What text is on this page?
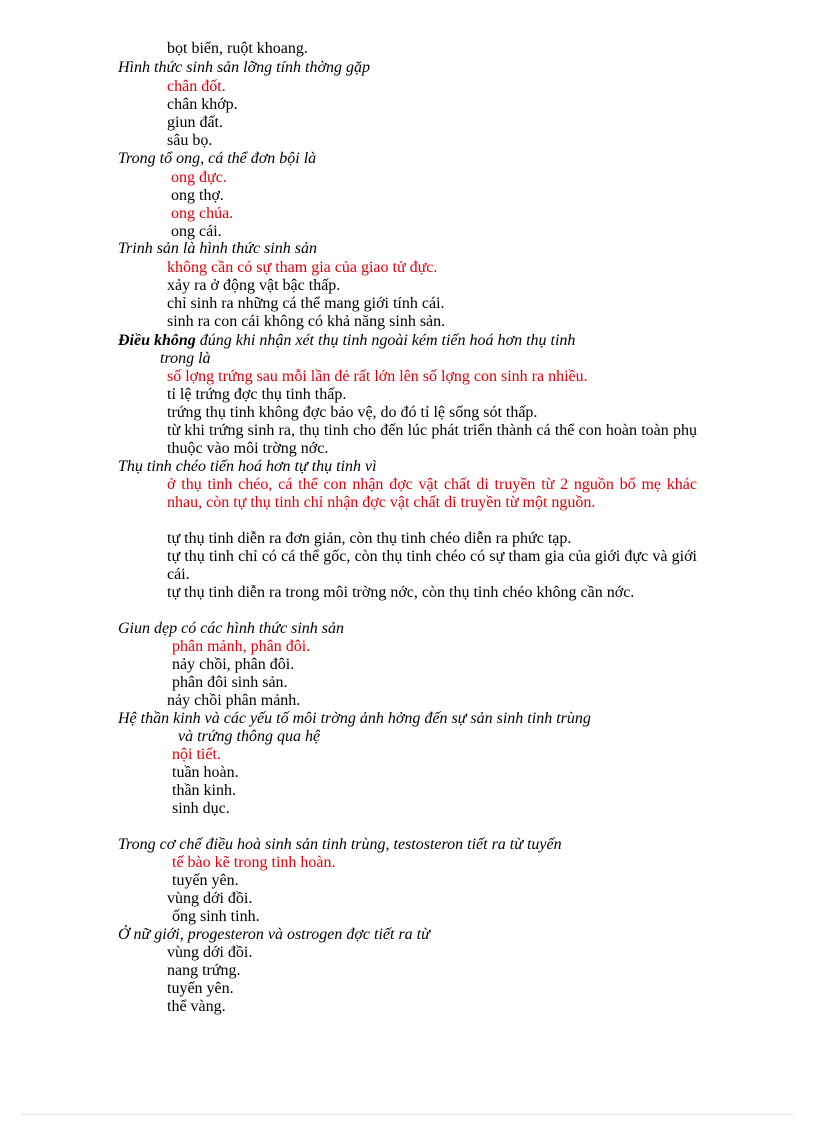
bọt biển, ruột khoang.
Hình thức sinh sản lỡng tính thờng gặp
chân đốt.
chân khớp.
giun đất.
sâu bọ.
Trong tổ ong, cá thể đơn bội là
ong đực.
ong thợ.
ong chúa.
ong cái.
Trinh sản là hình thức sinh sản
không cần có sự tham gia của giao tử đực.
xảy ra ở động vật bậc thấp.
chỉ sinh ra những cá thể mang giới tính cái.
sinh ra con cái không có khả năng sinh sản.
Điều không đúng khi nhận xét thụ tinh ngoài kém tiến hoá hơn thụ tinh
trong là
số lợng trứng sau mỗi lần đẻ rất lớn lên số lợng con sinh ra nhiều.
tỉ lệ trứng đợc thụ tinh thấp.
trứng thụ tinh không đợc bảo vệ, do đó tỉ lệ sống sót thấp.
từ khi trứng sinh ra, thụ tinh cho đến lúc phát triển thành cá thể con hoàn toàn phụ thuộc vào môi trờng nớc.
Thụ tinh chéo tiến hoá hơn tự thụ tinh vì
ở thụ tinh chéo, cá thể con nhận đợc vật chất di truyền từ 2 nguồn bố mẹ khác nhau, còn tự thụ tinh chỉ nhận đợc vật chất di truyền từ một nguồn.
tự thụ tinh diễn ra đơn giản, còn thụ tinh chéo diễn ra phức tạp.
tự thụ tinh chỉ có cá thể gốc, còn thụ tinh chéo có sự tham gia của giới đực và giới cái.
tự thụ tinh diễn ra trong môi trờng nớc, còn thụ tinh chéo không cần nớc.
Giun dẹp có các hình thức sinh sản
phân mảnh, phân đôi.
nảy chồi, phân đôi.
phân đôi sinh sản.
nảy chồi phân mảnh.
Hệ thần kinh và các yếu tố môi trờng ảnh hởng đến sự sản sinh tinh trùng
và trứng thông qua hệ
nội tiết.
tuần hoàn.
thần kinh.
sinh dục.
Trong cơ chế điều hoà sinh sản tinh trùng, testosteron tiết ra từ tuyến
tế bào kẽ trong tinh hoàn.
tuyến yên.
vùng dới đồi.
ống sinh tinh.
Ở nữ giới, progesteron và ostrogen đợc tiết ra từ
vùng dới đồi.
nang trứng.
tuyến yên.
thể vàng.
